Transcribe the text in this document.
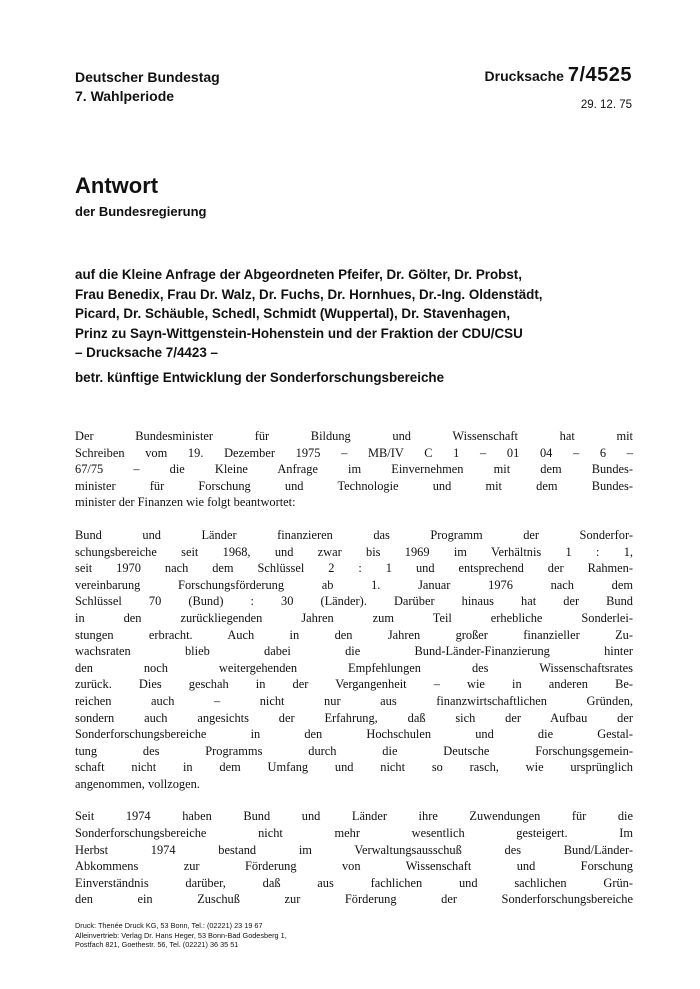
Deutscher Bundestag
7. Wahlperiode
Drucksache 7/4525
29. 12. 75
Antwort
der Bundesregierung
auf die Kleine Anfrage der Abgeordneten Pfeifer, Dr. Gölter, Dr. Probst,
Frau Benedix, Frau Dr. Walz, Dr. Fuchs, Dr. Hornhues, Dr.-Ing. Oldenstädt,
Picard, Dr. Schäuble, Schedl, Schmidt (Wuppertal), Dr. Stavenhagen,
Prinz zu Sayn-Wittgenstein-Hohenstein und der Fraktion der CDU/CSU
– Drucksache 7/4423 –
betr. künftige Entwicklung der Sonderforschungsbereiche
Der Bundesminister für Bildung und Wissenschaft hat mit
Schreiben vom 19. Dezember 1975 – MB/IV C 1 – 01 04 – 6 –
67/75 – die Kleine Anfrage im Einvernehmen mit dem Bundes-
minister für Forschung und Technologie und mit dem Bundes-
minister der Finanzen wie folgt beantwortet:
Bund und Länder finanzieren das Programm der Sonderfor-
schungsbereiche seit 1968, und zwar bis 1969 im Verhältnis 1 : 1,
seit 1970 nach dem Schlüssel 2 : 1 und entsprechend der Rahmen-
vereinbarung Forschungsförderung ab 1. Januar 1976 nach dem
Schlüssel 70 (Bund) : 30 (Länder). Darüber hinaus hat der Bund
in den zurückliegenden Jahren zum Teil erhebliche Sonderlei-
stungen erbracht. Auch in den Jahren großer finanzieller Zu-
wachsraten blieb dabei die Bund-Länder-Finanzierung hinter
den noch weitergehenden Empfehlungen des Wissenschaftsrates
zurück. Dies geschah in der Vergangenheit – wie in anderen Be-
reichen auch – nicht nur aus finanzwirtschaftlichen Gründen,
sondern auch angesichts der Erfahrung, daß sich der Aufbau der
Sonderforschungsbereiche in den Hochschulen und die Gestal-
tung des Programms durch die Deutsche Forschungsgemein-
schaft nicht in dem Umfang und nicht so rasch, wie ursprünglich
angenommen, vollzogen.
Seit 1974 haben Bund und Länder ihre Zuwendungen für die
Sonderforschungsbereiche nicht mehr wesentlich gesteigert. Im
Herbst 1974 bestand im Verwaltungsausschuß des Bund/Länder-
Abkommens zur Förderung von Wissenschaft und Forschung
Einverständnis darüber, daß aus fachlichen und sachlichen Grün-
den ein Zuschuß zur Förderung der Sonderforschungsbereiche
Druck: Thenée Druck KG, 53 Bonn, Tel.: (02221) 23 19 67
Alleinvertrieb: Verlag Dr. Hans Heger, 53 Bonn-Bad Godesberg 1,
Postfach 821, Goethestr. 56, Tel. (02221) 36 35 51
